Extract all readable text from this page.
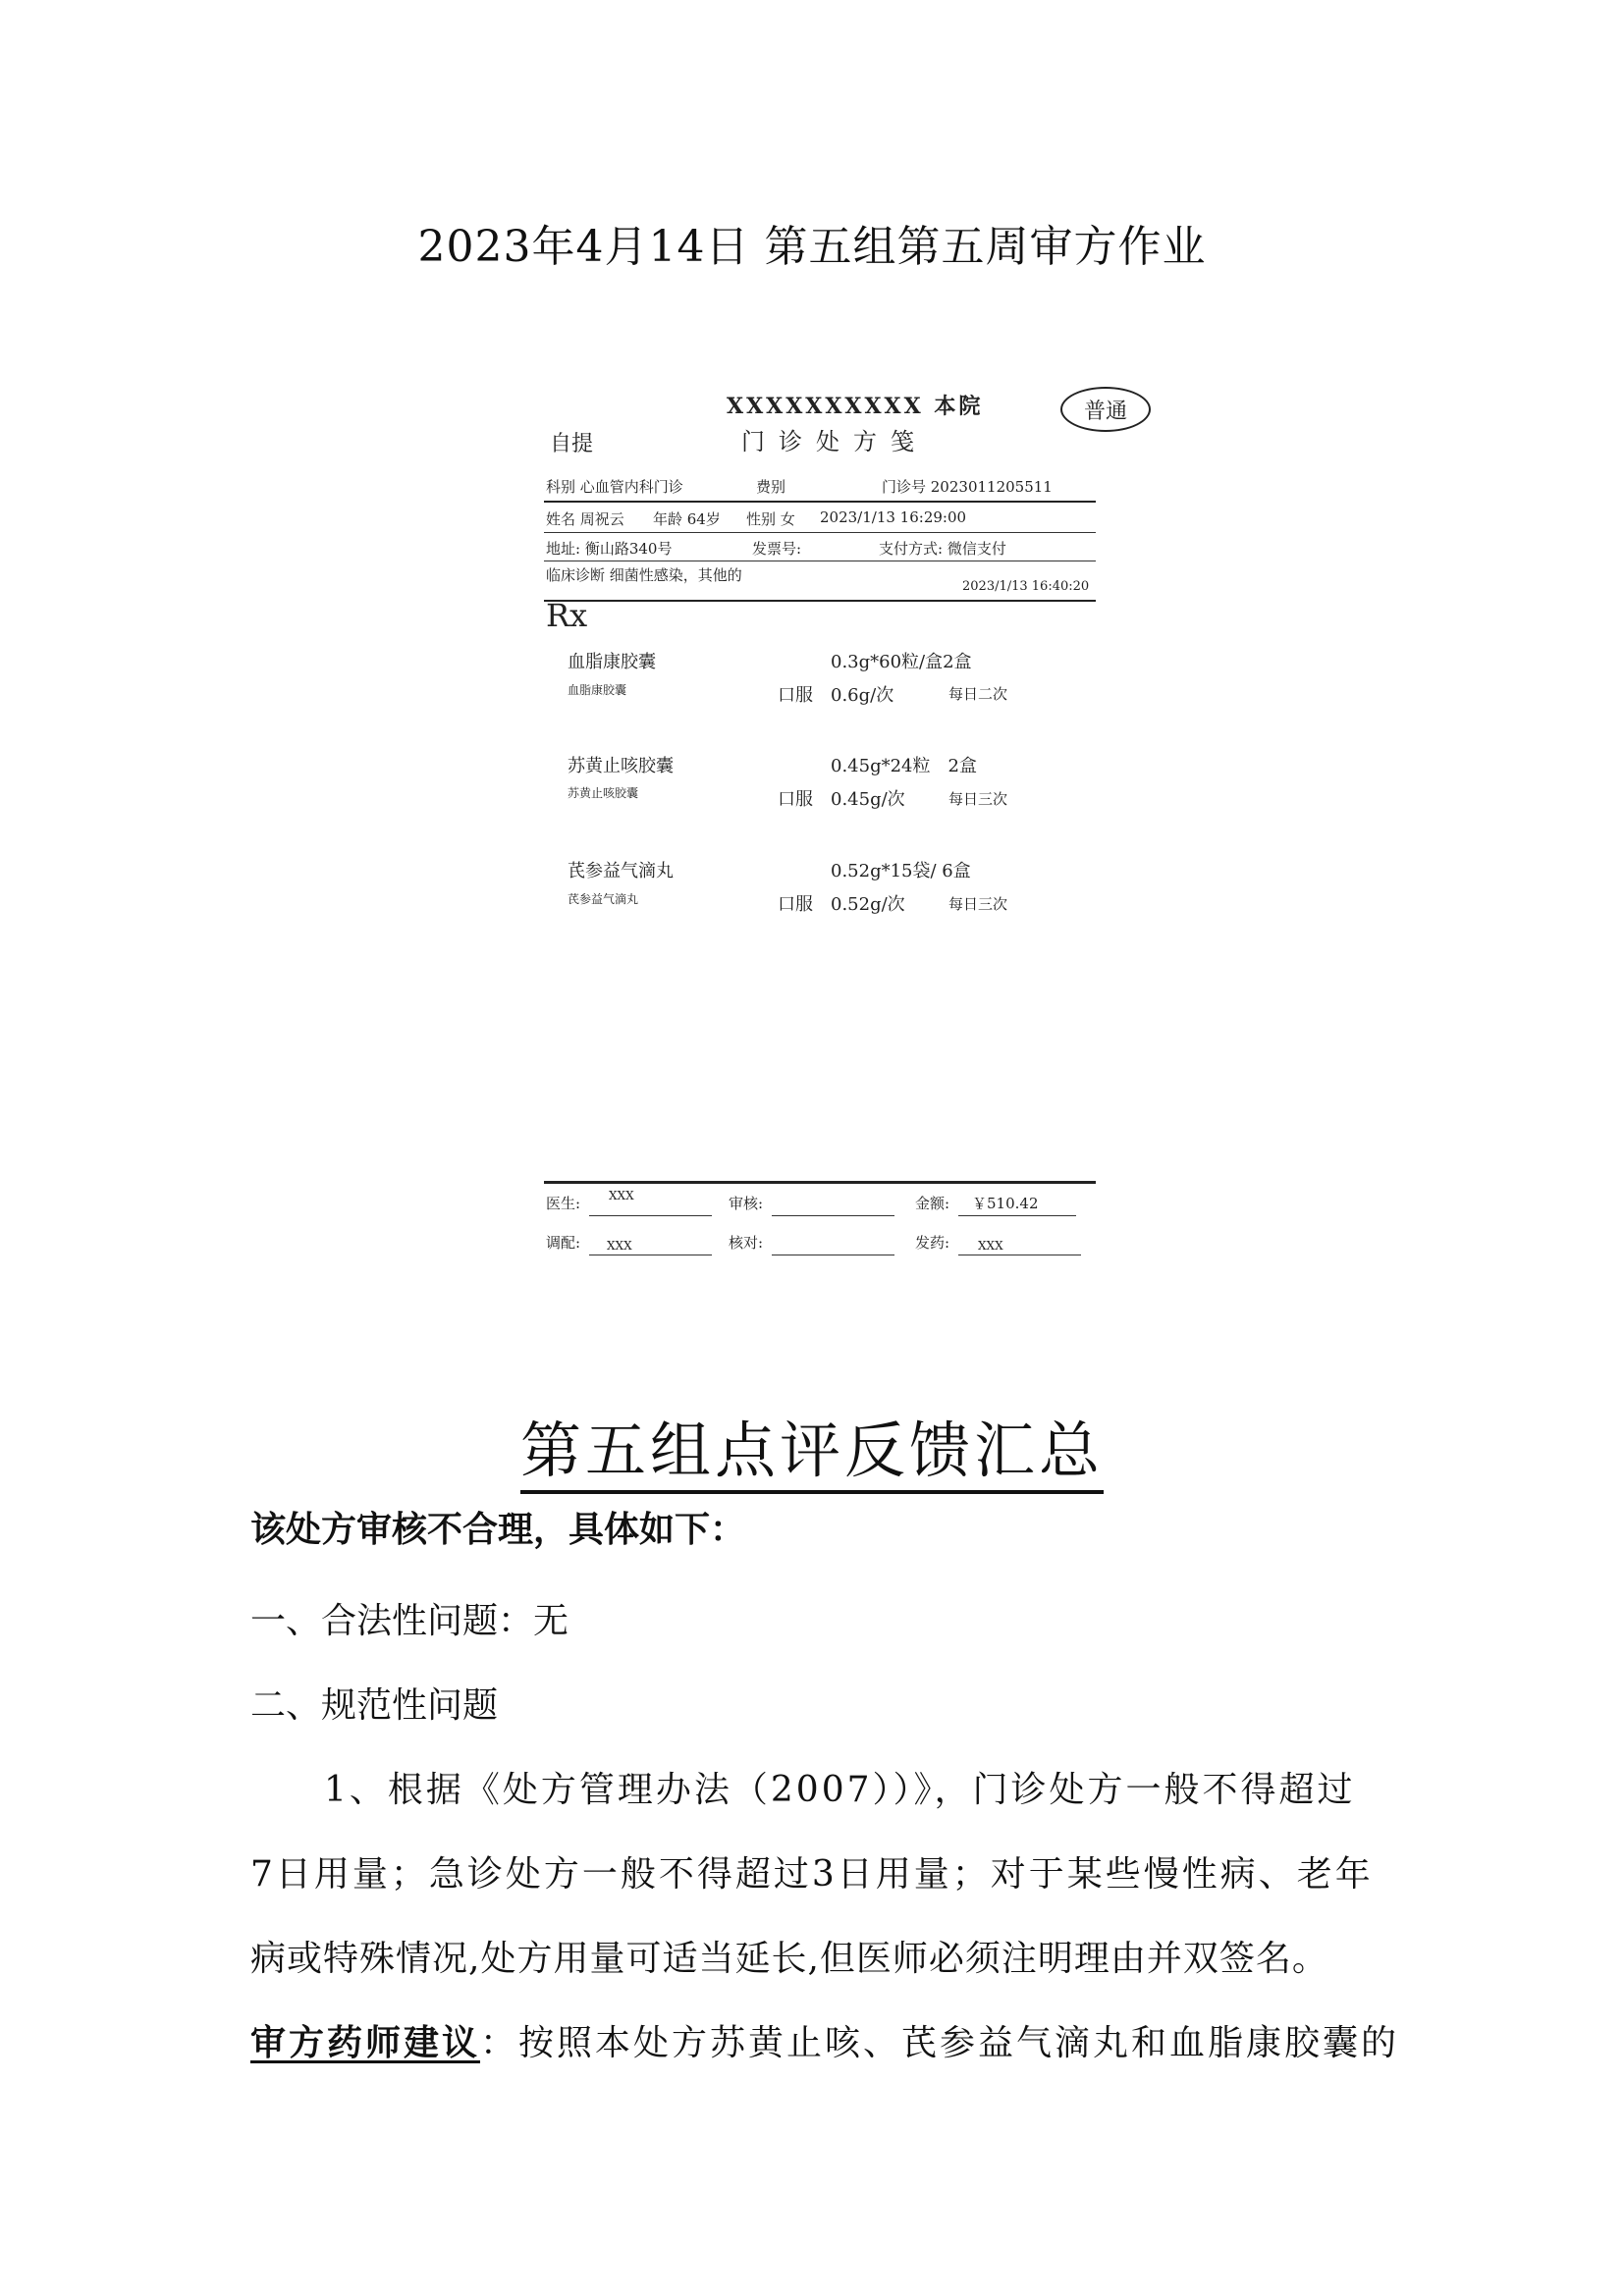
2023年4月14日 第五组第五周审方作业
XXXXXXXXXX 本院
门诊处方笺
自提
普通
科别 心血管内科门诊	费别	门诊号 2023011205511
姓名 周祝云 年龄 64岁 性别 女 2023/1/13 16:29:00
地址: 衡山路340号	发票号:	支付方式: 微信支付
临床诊断 细菌性感染，其他的
2023/1/13 16:40:20
Rx
血脂康胶囊
血脂康胶囊
0.3g*60粒/盒2盒
口服 0.6g/次	每日二次
苏黄止咳胶囊
苏黄止咳胶囊
0.45g*24粒　2盒
口服 0.45g/次	每日三次
芪参益气滴丸
芪参益气滴丸
0.52g*15袋/ 6盒
口服 0.52g/次	每日三次
医生: XXX	审核:	金额: ￥510.42
调配: XXX	核对:	发药: XXX
第五组点评反馈汇总
该处方审核不合理，具体如下：
一、合法性问题：无
二、规范性问题
1、根据《处方管理办法（2007））》，门诊处方一般不得超过
7日用量；急诊处方一般不得超过3日用量；对于某些慢性病、老年
病或特殊情况,处方用量可适当延长,但医师必须注明理由并双签名。
审方药师建议：按照本处方苏黄止咳、芪参益气滴丸和血脂康胶囊的
